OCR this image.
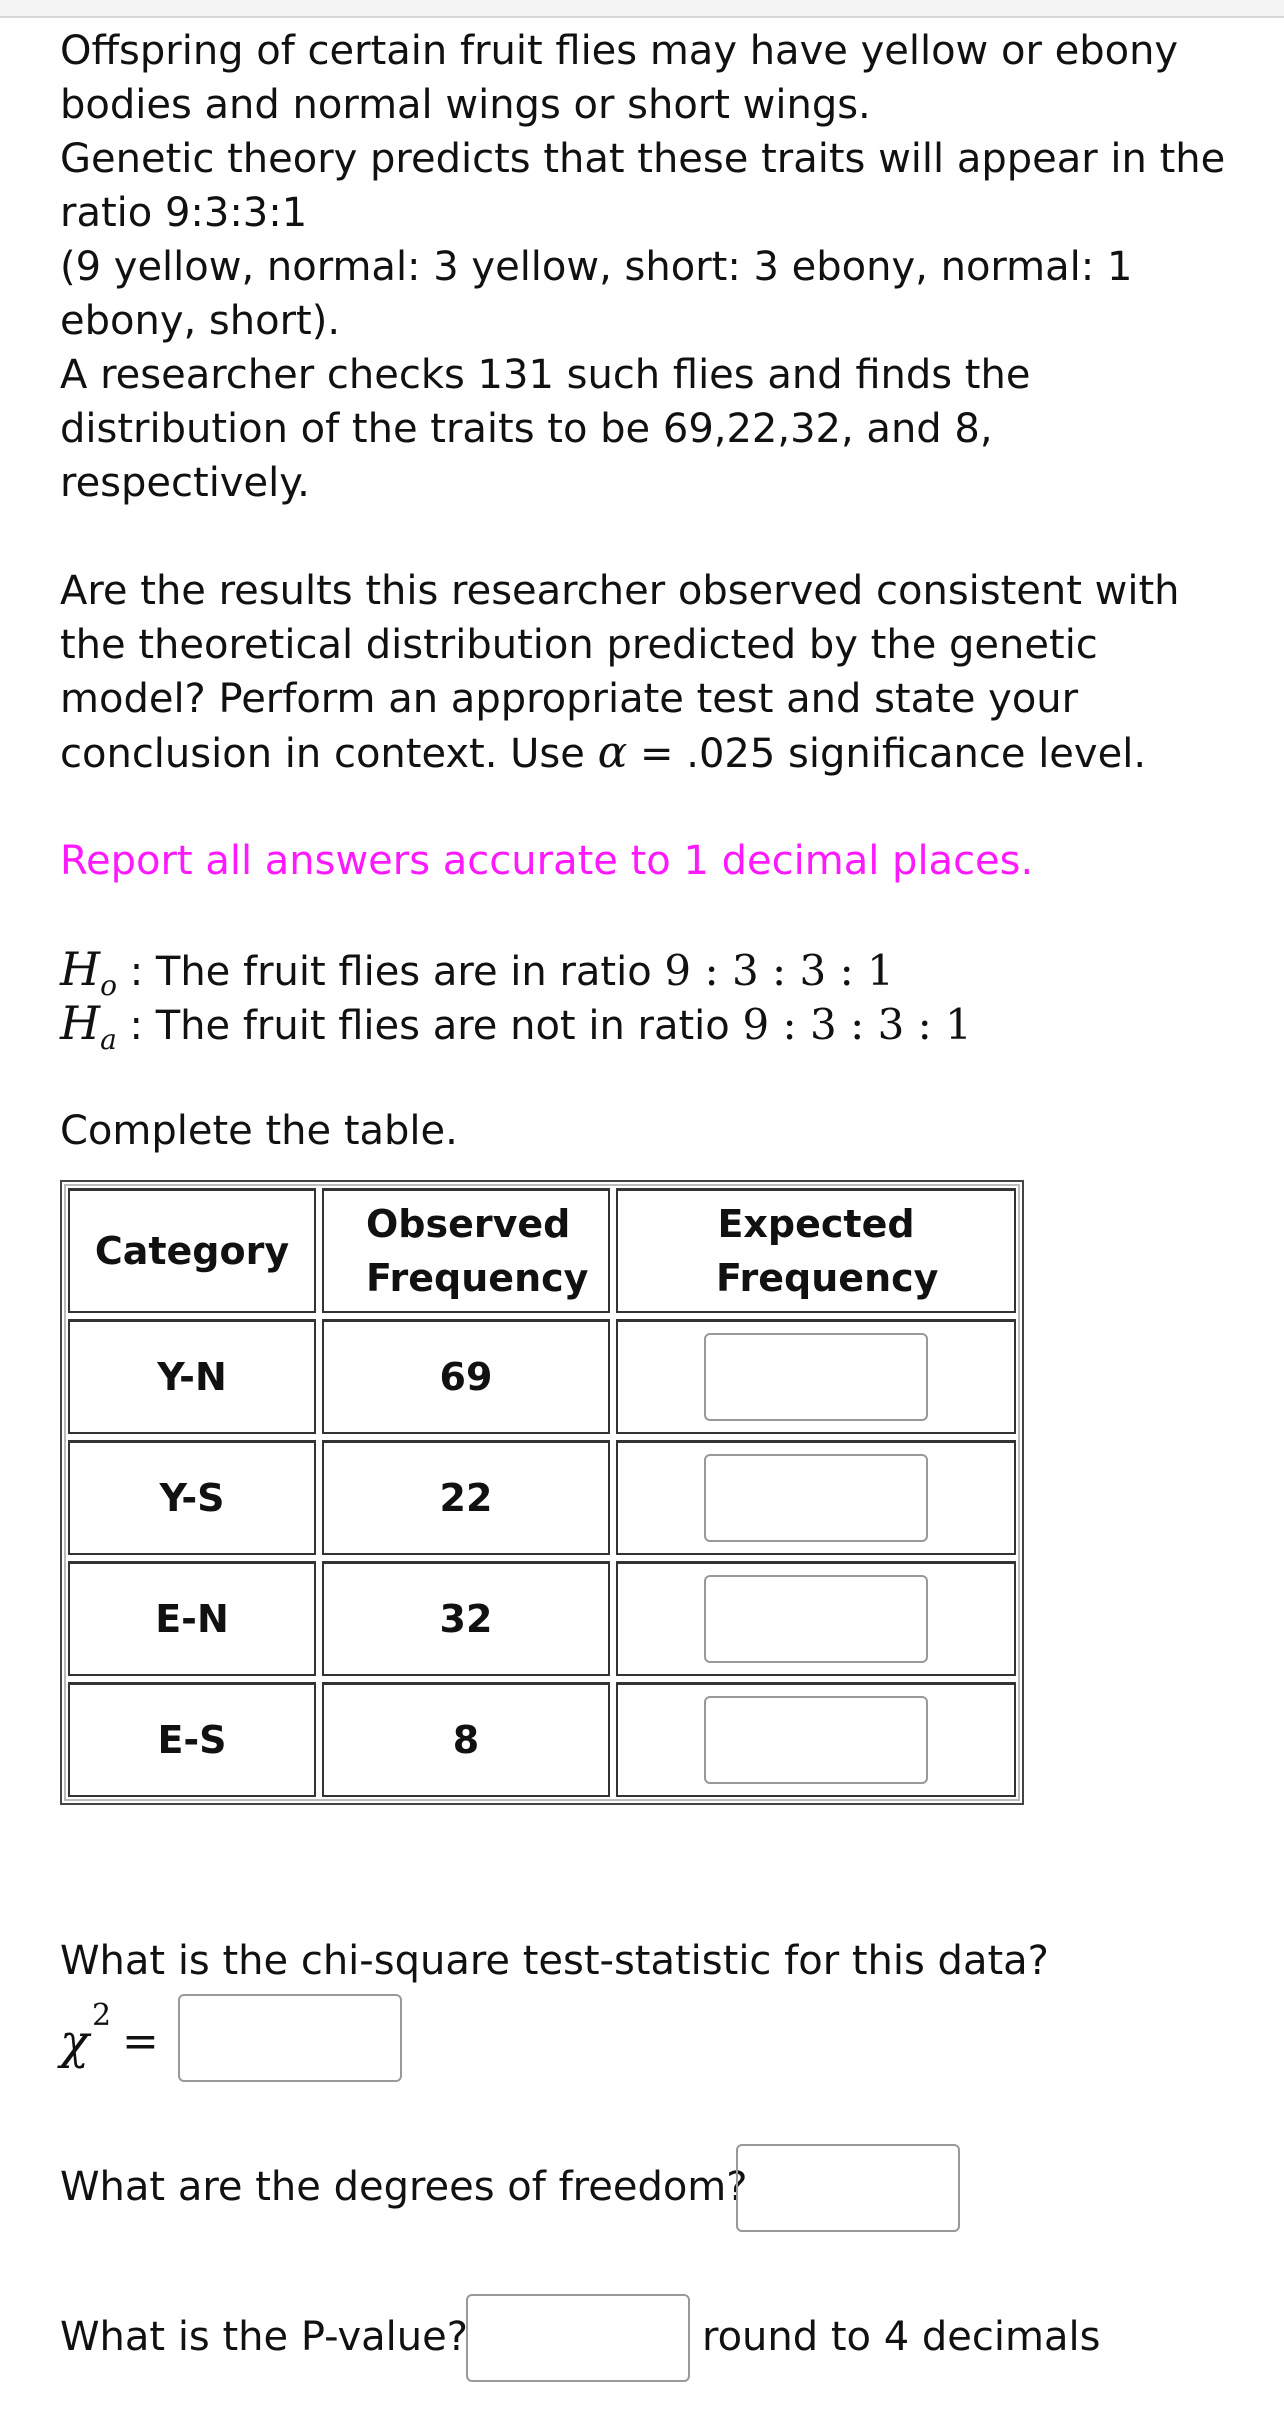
Offspring of certain fruit flies may have yellow or ebony bodies and normal wings or short wings.

Genetic theory predicts that these traits will appear in the ratio 9:3:3:1

(9 yellow, normal: 3 yellow, short: 3 ebony, normal: 1 ebony, short).

A researcher checks 131 such flies and finds the distribution of the traits to be 69,22,32, and 8, respectively.

Are the results this researcher observed consistent with the theoretical distribution predicted by the genetic model? Perform an appropriate test and state your conclusion in context. Use α = .025 significance level.

Report all answers accurate to 1 decimal places.
$H_o$ : The fruit flies are in ratio 9 : 3 : 3 : 1
$H_a$ : The fruit flies are not in ratio 9 : 3 : 3 : 1
Complete the table.
Category	Observed Frequency	Expected Frequency
Y-N	69	
Y-S	22	
E-N	32	
E-S	8	
What is the chi-square test-statistic for this data?
χ 2
=
What are the degrees of freedom?
What is the P-value?	round to 4 decimals
